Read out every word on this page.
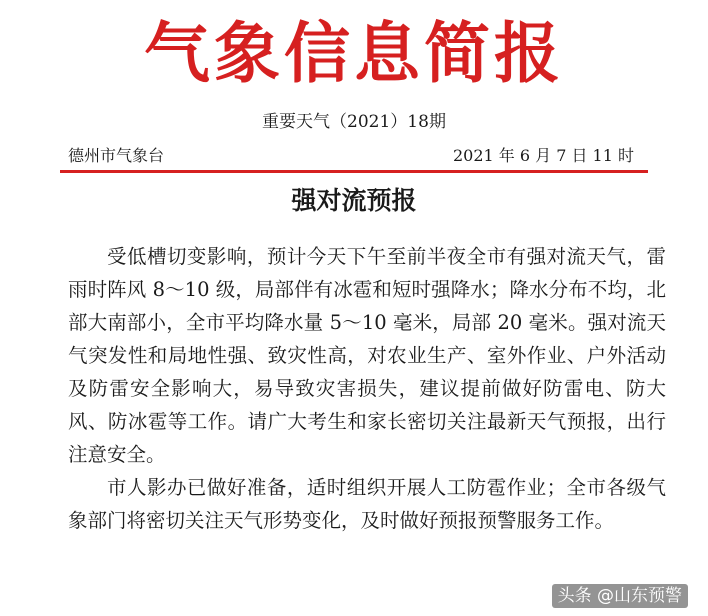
气象信息简报
重要天气（2021）18期
德州市气象台	2021 年 6 月 7 日 11 时
强对流预报

受低槽切变影响，预计今天下午至前半夜全市有强对流天气，雷雨时阵风 8～10 级，局部伴有冰雹和短时强降水；降水分布不均，北部大南部小，全市平均降水量 5～10 毫米，局部 20 毫米。强对流天气突发性和局地性强、致灾性高，对农业生产、室外作业、户外活动及防雷安全影响大，易导致灾害损失，建议提前做好防雷电、防大风、防冰雹等工作。请广大考生和家长密切关注最新天气预报，出行注意安全。

市人影办已做好准备，适时组织开展人工防雹作业；全市各级气象部门将密切关注天气形势变化，及时做好预报预警服务工作。

头条 @山东预警
